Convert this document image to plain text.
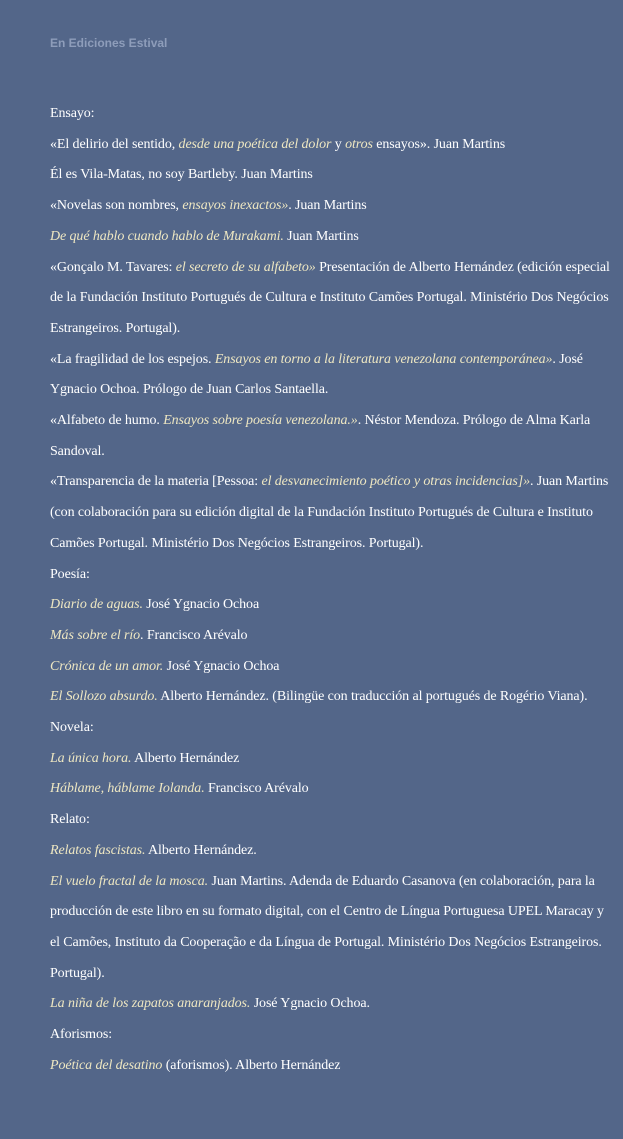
En Ediciones Estival
Ensayo:
«El delirio del sentido, desde una poética del dolor y otros ensayos». Juan Martins
Él es Vila-Matas, no soy Bartleby. Juan Martins
«Novelas son nombres, ensayos inexactos». Juan Martins
De qué hablo cuando hablo de Murakami. Juan Martins
«Gonçalo M. Tavares: el secreto de su alfabeto» Presentación de Alberto Hernández (edición especial de la Fundación Instituto Portugués de Cultura e Instituto Camões Portugal. Ministério Dos Negócios Estrangeiros. Portugal).
«La fragilidad de los espejos. Ensayos en torno a la literatura venezolana contemporánea». José Ygnacio Ochoa. Prólogo de Juan Carlos Santaella.
«Alfabeto de humo. Ensayos sobre poesía venezolana.». Néstor Mendoza. Prólogo de Alma Karla Sandoval.
«Transparencia de la materia [Pessoa: el desvanecimiento poético y otras incidencias]». Juan Martins (con colaboración para su edición digital de la Fundación Instituto Portugués de Cultura e Instituto Camões Portugal. Ministério Dos Negócios Estrangeiros. Portugal).
Poesía:
Diario de aguas. José Ygnacio Ochoa
Más sobre el río. Francisco Arévalo
Crónica de un amor. José Ygnacio Ochoa
El Sollozo absurdo. Alberto Hernández. (Bilingüe con traducción al portugués de Rogério Viana).
Novela:
La única hora. Alberto Hernández
Háblame, háblame Iolanda. Francisco Arévalo
Relato:
Relatos fascistas. Alberto Hernández.
El vuelo fractal de la mosca. Juan Martins. Adenda de Eduardo Casanova (en colaboración, para la producción de este libro en su formato digital, con el Centro de Língua Portuguesa UPEL Maracay y el Camões, Instituto da Cooperação e da Língua de Portugal. Ministério Dos Negócios Estrangeiros. Portugal).
La niña de los zapatos anaranjados. José Ygnacio Ochoa.
Aforismos:
Poética del desatino (aforismos). Alberto Hernández
